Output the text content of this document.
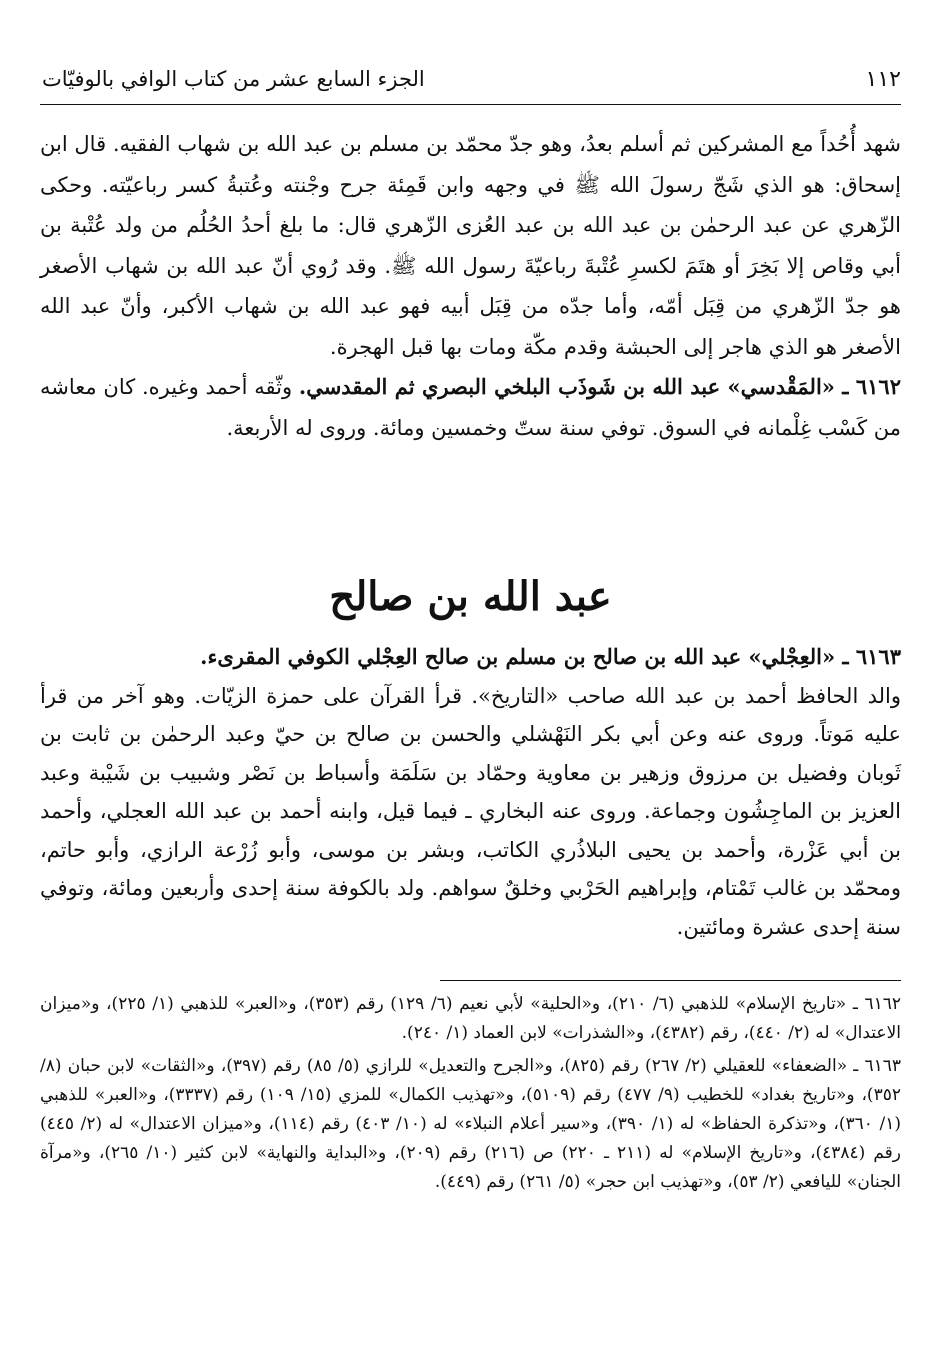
١١٢
الجزء السابع عشر من كتاب الوافي بالوفيّات

شهد أُحُداً مع المشركين ثم أسلم بعدُ، وهو جدّ محمّد بن مسلم بن عبد الله بن شهاب الفقيه. قال ابن إسحاق: هو الذي شَجّ رسولَ الله ﷺ في وجهه وابن قَمِئة جرح وجْنته وعُتبةُ كسر رباعيّته. وحكى الزّهري عن عبد الرحمٰن بن عبد الله بن عبد العُزى الزّهري قال: ما بلغ أحدُ الحُلُم من ولد عُتْبة بن أبي وقاص إلا بَخِرَ أو هتَمَ لكسرِ عُتْبةَ رباعيّةَ رسول الله ﷺ. وقد رُوي أنّ عبد الله بن شهاب الأصغر هو جدّ الزّهري من قِبَل أمّه، وأما جدّه من قِبَل أبيه فهو عبد الله بن شهاب الأكبر، وأنّ عبد الله الأصغر هو الذي هاجر إلى الحبشة وقدم مكّة ومات بها قبل الهجرة.

٦١٦٢ ـ «المَقْدسي» عبد الله بن شَوذَب البلخي البصري ثم المقدسي. وثّقه أحمد وغيره. كان معاشه من كَسْب غِلْمانه في السوق. توفي سنة ستّ وخمسين ومائة. وروى له الأربعة.

عبد الله بن صالح

٦١٦٣ ـ «العِجْلي» عبد الله بن صالح بن مسلم بن صالح العِجْلي الكوفي المقرىء.

والد الحافظ أحمد بن عبد الله صاحب «التاريخ». قرأ القرآن على حمزة الزيّات. وهو آخر من قرأ عليه مَوتاً. وروى عنه وعن أبي بكر النَهْشلي والحسن بن صالح بن حيّ وعبد الرحمٰن بن ثابت بن ثَوبان وفضيل بن مرزوق وزهير بن معاوية وحمّاد بن سَلَمَة وأسباط بن نَصْر وشبيب بن شَيْبة وعبد العزيز بن الماجِشُون وجماعة. وروى عنه البخاري ـ فيما قيل، وابنه أحمد بن عبد الله العجلي، وأحمد بن أبي عَزْرة، وأحمد بن يحيى البلاذُري الكاتب، وبشر بن موسى، وأبو زُرْعة الرازي، وأبو حاتم، ومحمّد بن غالب تَمْتام، وإبراهيم الحَرْبي وخلقٌ سواهم. ولد بالكوفة سنة إحدى وأربعين ومائة، وتوفي سنة إحدى عشرة ومائتين.

٦١٦٢ ـ «تاريخ الإسلام» للذهبي (٦/ ٢١٠)، و«الحلية» لأبي نعيم (٦/ ١٢٩) رقم (٣٥٣)، و«العبر» للذهبي (١/ ٢٢٥)، و«ميزان الاعتدال» له (٢/ ٤٤٠)، رقم (٤٣٨٢)، و«الشذرات» لابن العماد (١/ ٢٤٠).

٦١٦٣ ـ «الضعفاء» للعقيلي (٢/ ٢٦٧) رقم (٨٢٥)، و«الجرح والتعديل» للرازي (٥/ ٨٥) رقم (٣٩٧)، و«الثقات» لابن حبان (٨/ ٣٥٢)، و«تاريخ بغداد» للخطيب (٩/ ٤٧٧) رقم (٥١٠٩)، و«تهذيب الكمال» للمزي (١٥/ ١٠٩) رقم (٣٣٣٧)، و«العبر» للذهبي (١/ ٣٦٠)، و«تذكرة الحفاظ» له (١/ ٣٩٠)، و«سير أعلام النبلاء» له (١٠/ ٤٠٣) رقم (١١٤)، و«ميزان الاعتدال» له (٢/ ٤٤٥) رقم (٤٣٨٤)، و«تاريخ الإسلام» له (٢١١ ـ ٢٢٠) ص (٢١٦) رقم (٢٠٩)، و«البداية والنهاية» لابن كثير (١٠/ ٢٦٥)، و«مرآة الجنان» لليافعي (٢/ ٥٣)، و«تهذيب ابن حجر» (٥/ ٢٦١) رقم (٤٤٩).
